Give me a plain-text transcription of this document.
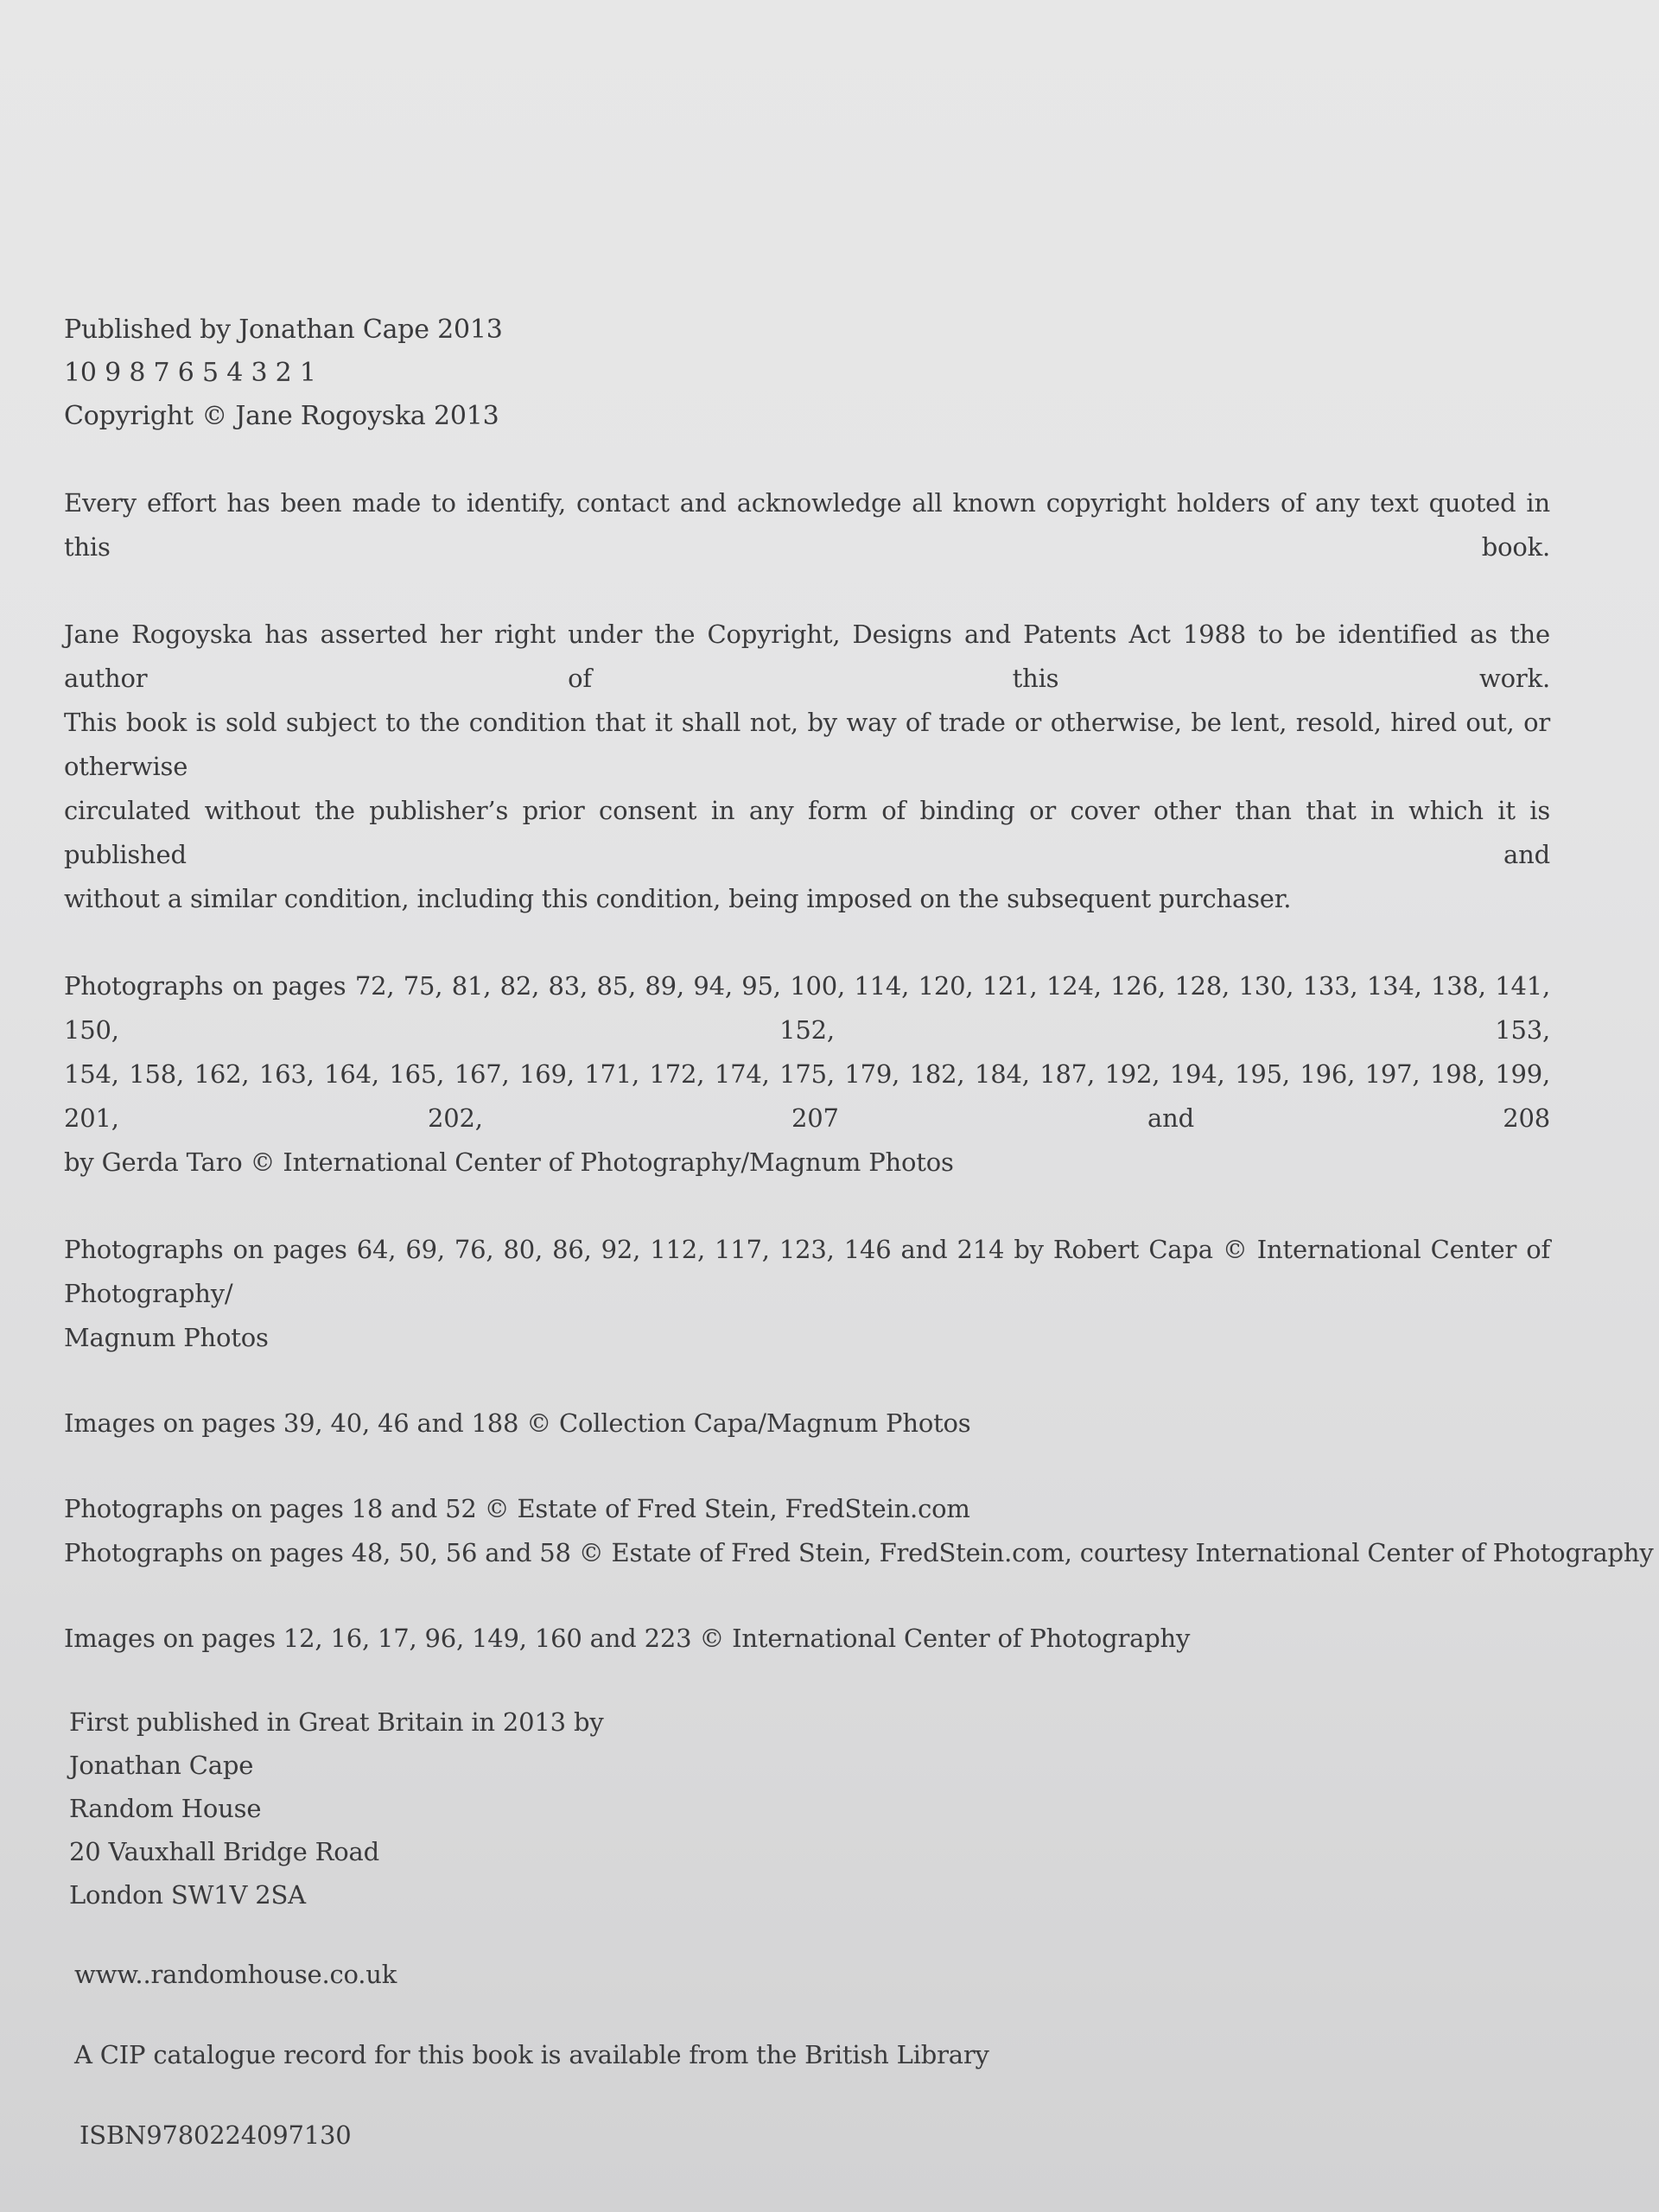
Published by Jonathan Cape 2013
10 9 8 7 6 5 4 3 2 1
Copyright © Jane Rogoyska 2013
Every effort has been made to identify, contact and acknowledge all known copyright holders of any text quoted in this book.
Jane Rogoyska has asserted her right under the Copyright, Designs and Patents Act 1988 to be identified as the author of this work.
This book is sold subject to the condition that it shall not, by way of trade or otherwise, be lent, resold, hired out, or otherwise
circulated without the publisher’s prior consent in any form of binding or cover other than that in which it is published and
without a similar condition, including this condition, being imposed on the subsequent purchaser.
Photographs on pages 72, 75, 81, 82, 83, 85, 89, 94, 95, 100, 114, 120, 121, 124, 126, 128, 130, 133, 134, 138, 141, 150, 152, 153,
154, 158, 162, 163, 164, 165, 167, 169, 171, 172, 174, 175, 179, 182, 184, 187, 192, 194, 195, 196, 197, 198, 199, 201, 202, 207 and 208
by Gerda Taro © International Center of Photography/Magnum Photos
Photographs on pages 64, 69, 76, 80, 86, 92, 112, 117, 123, 146 and 214 by Robert Capa © International Center of Photography/
Magnum Photos
Images on pages 39, 40, 46 and 188 © Collection Capa/Magnum Photos
Photographs on pages 18 and 52 © Estate of Fred Stein, FredStein.com
Photographs on pages 48, 50, 56 and 58 © Estate of Fred Stein, FredStein.com, courtesy International Center of Photography
Images on pages 12, 16, 17, 96, 149, 160 and 223 © International Center of Photography
First published in Great Britain in 2013 by
Jonathan Cape
Random House
20 Vauxhall Bridge Road
London SW1V 2SA
www..randomhouse.co.uk
A CIP catalogue record for this book is available from the British Library
ISBN9780224097130
